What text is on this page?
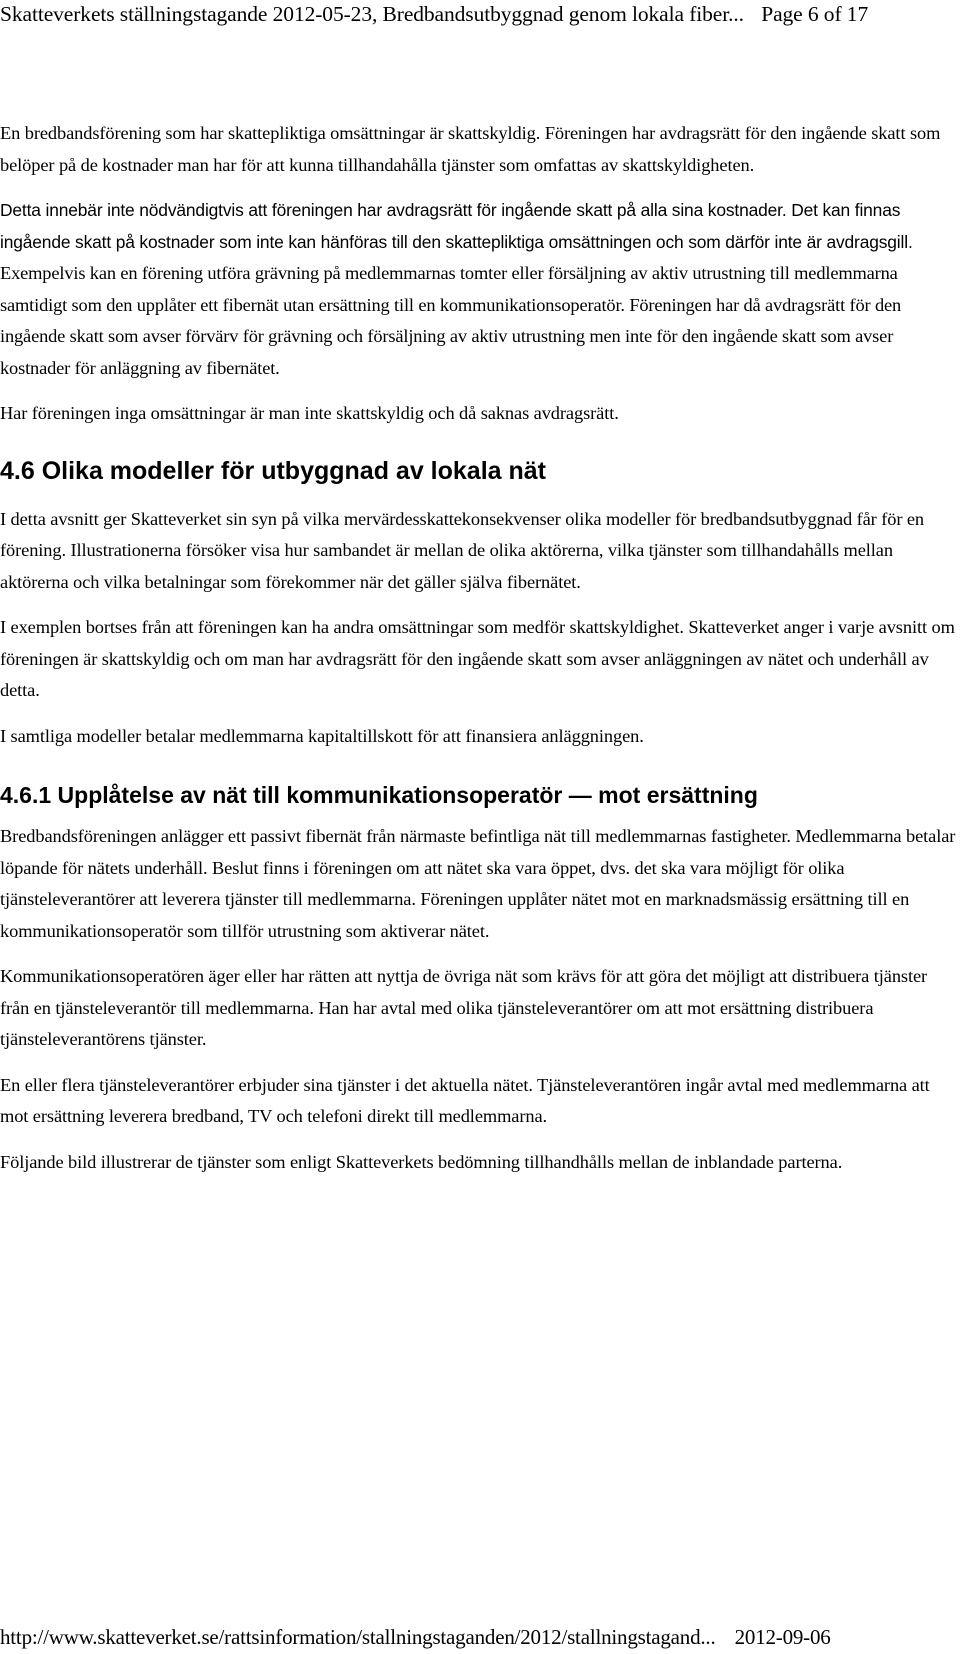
Skatteverkets ställningstagande 2012-05-23, Bredbandsutbyggnad genom lokala fiber... Page 6 of 17

En bredbandsförening som har skattepliktiga omsättningar är skattskyldig. Föreningen har avdragsrätt för den ingående skatt som belöper på de kostnader man har för att kunna tillhandahålla tjänster som omfattas av skattskyldigheten.

Detta innebär inte nödvändigtvis att föreningen har avdragsrätt för ingående skatt på alla sina kostnader. Det kan finnas ingående skatt på kostnader som inte kan hänföras till den skattepliktiga omsättningen och som därför inte är avdragsgill. Exempelvis kan en förening utföra grävning på medlemmarnas tomter eller försäljning av aktiv utrustning till medlemmarna samtidigt som den upplåter ett fibernät utan ersättning till en kommunikationsoperatör. Föreningen har då avdragsrätt för den ingående skatt som avser förvärv för grävning och försäljning av aktiv utrustning men inte för den ingående skatt som avser kostnader för anläggning av fibernätet.

Har föreningen inga omsättningar är man inte skattskyldig och då saknas avdragsrätt.

4.6 Olika modeller för utbyggnad av lokala nät

I detta avsnitt ger Skatteverket sin syn på vilka mervärdesskattekonsekvenser olika modeller för bredbandsutbyggnad får för en förening. Illustrationerna försöker visa hur sambandet är mellan de olika aktörerna, vilka tjänster som tillhandahålls mellan aktörerna och vilka betalningar som förekommer när det gäller själva fibernätet.

I exemplen bortses från att föreningen kan ha andra omsättningar som medför skattskyldighet. Skatteverket anger i varje avsnitt om föreningen är skattskyldig och om man har avdragsrätt för den ingående skatt som avser anläggningen av nätet och underhåll av detta.

I samtliga modeller betalar medlemmarna kapitaltillskott för att finansiera anläggningen.

4.6.1 Upplåtelse av nät till kommunikationsoperatör — mot ersättning

Bredbandsföreningen anlägger ett passivt fibernät från närmaste befintliga nät till medlemmarnas fastigheter. Medlemmarna betalar löpande för nätets underhåll. Beslut finns i föreningen om att nätet ska vara öppet, dvs. det ska vara möjligt för olika tjänsteleverantörer att leverera tjänster till medlemmarna. Föreningen upplåter nätet mot en marknadsmässig ersättning till en kommunikationsoperatör som tillför utrustning som aktiverar nätet.

Kommunikationsoperatören äger eller har rätten att nyttja de övriga nät som krävs för att göra det möjligt att distribuera tjänster från en tjänsteleverantör till medlemmarna. Han har avtal med olika tjänsteleverantörer om att mot ersättning distribuera tjänsteleverantörens tjänster.

En eller flera tjänsteleverantörer erbjuder sina tjänster i det aktuella nätet. Tjänsteleverantören ingår avtal med medlemmarna att mot ersättning leverera bredband, TV och telefoni direkt till medlemmarna.

Följande bild illustrerar de tjänster som enligt Skatteverkets bedömning tillhandhålls mellan de inblandade parterna.

http://www.skatteverket.se/rattsinformation/stallningstaganden/2012/stallningstagand... 2012-09-06
